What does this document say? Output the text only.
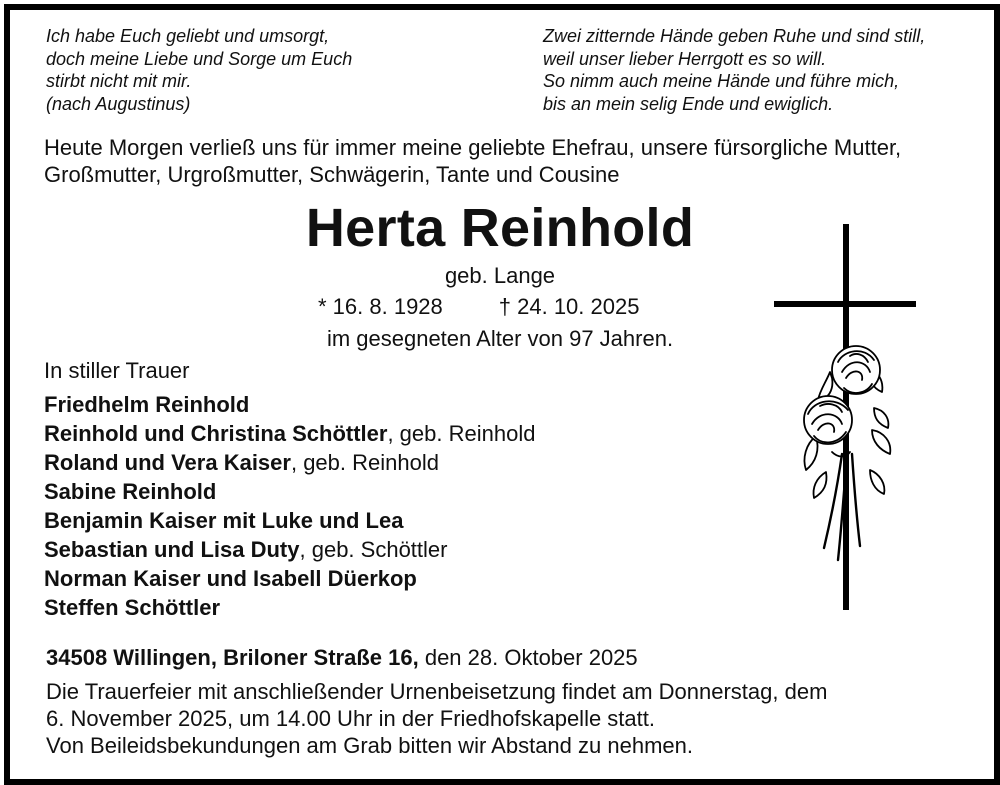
Ich habe Euch geliebt und umsorgt,
doch meine Liebe und Sorge um Euch
stirbt nicht mit mir.
(nach Augustinus)
Zwei zitternde Hände geben Ruhe und sind still,
weil unser lieber Herrgott es so will.
So nimm auch meine Hände und führe mich,
bis an mein selig Ende und ewiglich.
Heute Morgen verließ uns für immer meine geliebte Ehefrau, unsere fürsorgliche Mutter,
Großmutter, Urgroßmutter, Schwägerin, Tante und Cousine
Herta Reinhold
geb. Lange
* 16. 8. 1928	† 24. 10. 2025
im gesegneten Alter von 97 Jahren.
In stiller Trauer
Friedhelm Reinhold
Reinhold und Christina Schöttler, geb. Reinhold
Roland und Vera Kaiser, geb. Reinhold
Sabine Reinhold
Benjamin Kaiser mit Luke und Lea
Sebastian und Lisa Duty, geb. Schöttler
Norman Kaiser und Isabell Düerkop
Steffen Schöttler
34508 Willingen, Briloner Straße 16, den 28. Oktober 2025
Die Trauerfeier mit anschließender Urnenbeisetzung findet am Donnerstag, dem
6. November 2025, um 14.00 Uhr in der Friedhofskapelle statt.
Von Beileidsbekundungen am Grab bitten wir Abstand zu nehmen.
